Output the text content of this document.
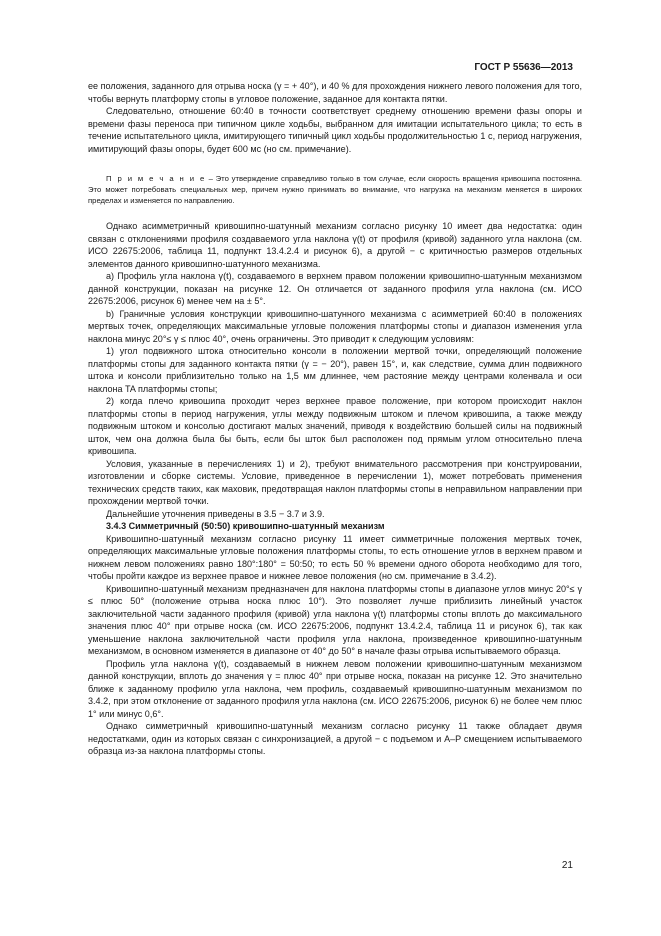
ГОСТ Р 55636—2013

ее положения, заданного для отрыва носка (γ = + 40°), и 40 % для прохождения нижнего левого положения для того, чтобы вернуть платформу стопы в угловое положение, заданное для контакта пятки.

Следовательно, отношение 60:40 в точности соответствует среднему отношению времени фазы опоры и времени фазы переноса при типичном цикле ходьбы, выбранном для имитации испытательного цикла; то есть в течение испытательного цикла, имитирующего типичный цикл ходьбы продолжительностью 1 с, период нагружения, имитирующий фазы опоры, будет 600 мс (но см. примечание).

П р и м е ч а н и е – Это утверждение справедливо только в том случае, если скорость вращения кривошипа постоянна. Это может потребовать специальных мер, причем нужно принимать во внимание, что нагрузка на механизм меняется в широких пределах и изменяется по направлению.

Однако асимметричный кривошипно-шатунный механизм согласно рисунку 10 имеет два недостатка: один связан с отклонениями профиля создаваемого угла наклона γ(t) от профиля (кривой) заданного угла наклона (см. ИСО 22675:2006, таблица 11, подпункт 13.4.2.4 и рисунок 6), а другой − с критичностью размеров отдельных элементов данного кривошипно-шатунного механизма.

a) Профиль угла наклона γ(t), создаваемого в верхнем правом положении кривошипно-шатунным механизмом данной конструкции, показан на рисунке 12. Он отличается от заданного профиля угла наклона (см. ИСО 22675:2006, рисунок 6) менее чем на ± 5°.

b) Граничные условия конструкции кривошипно-шатунного механизма с асимметрией 60:40 в положениях мертвых точек, определяющих максимальные угловые положения платформы стопы и диапазон изменения угла наклона минус 20°≤ γ ≤ плюс 40°, очень ограничены. Это приводит к следующим условиям:

1) угол подвижного штока относительно консоли в положении мертвой точки, определяющий положение платформы стопы для заданного контакта пятки (γ = − 20°), равен 15°, и, как следствие, сумма длин подвижного штока и консоли приблизительно только на 1,5 мм длиннее, чем растояние между центрами коленвала и оси наклона TA платформы стопы;

2) когда плечо кривошипа проходит через верхнее правое положение, при котором происходит наклон платформы стопы в период нагружения, углы между подвижным штоком и плечом кривошипа, а также между подвижным штоком и консолью достигают малых значений, приводя к воздействию большей силы на подвижный шток, чем она должна была бы быть, если бы шток был расположен под прямым углом относительно плеча кривошипа.

Условия, указанные в перечислениях 1) и 2), требуют внимательного рассмотрения при конструировании, изготовлении и сборке системы. Условие, приведенное в перечислении 1), может потребовать применения технических средств таких, как маховик, предотвращая наклон платформы стопы в неправильном направлении при прохождении мертвой точки.

Дальнейшие уточнения приведены в 3.5 − 3.7 и 3.9.

3.4.3 Симметричный (50:50) кривошипно-шатунный механизм

Кривошипно-шатунный механизм согласно рисунку 11 имеет симметричные положения мертвых точек, определяющих максимальные угловые положения платформы стопы, то есть отношение углов в верхнем правом и нижнем левом положениях равно 180°:180° = 50:50; то есть 50 % времени одного оборота необходимо для того, чтобы пройти каждое из верхнее правое и нижнее левое положения (но см. примечание в 3.4.2).

Кривошипно-шатунный механизм предназначен для наклона платформы стопы в диапазоне углов минус 20°≤ γ ≤ плюс 50° (положение отрыва носка плюс 10°). Это позволяет лучше приблизить линейный участок заключительной части заданного профиля (кривой) угла наклона γ(t) платформы стопы вплоть до максимального значения плюс 40° при отрыве носка (см. ИСО 22675:2006, подпункт 13.4.2.4, таблица 11 и рисунок 6), так как уменьшение наклона заключительной части профиля угла наклона, произведенное кривошипно-шатунным механизмом, в основном изменяется в диапазоне от 40° до 50° в начале фазы отрыва испытываемого образца.

Профиль угла наклона γ(t), создаваемый в нижнем левом положении кривошипно-шатунным механизмом данной конструкции, вплоть до значения γ = плюс 40° при отрыве носка, показан на рисунке 12. Это значительно ближе к заданному профилю угла наклона, чем профиль, создаваемый кривошипно-шатунным механизмом по 3.4.2, при этом отклонение от заданного профиля угла наклона (см. ИСО 22675:2006, рисунок 6) не более чем плюс 1° или минус 0,6°.

Однако симметричный кривошипно-шатунный механизм согласно рисунку 11 также обладает двумя недостатками, один из которых связан с синхронизацией, а другой − с подъемом и A–P смещением испытываемого образца из-за наклона платформы стопы.

21
